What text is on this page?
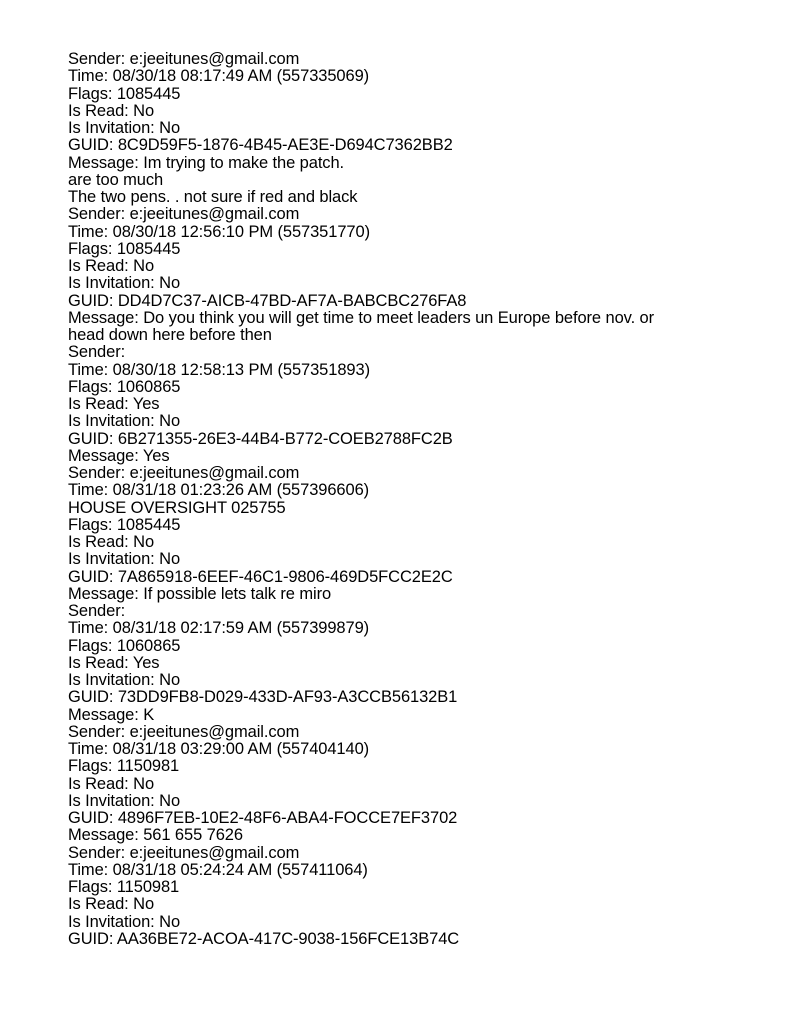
Sender: e:jeeitunes@gmail.com
Time: 08/30/18 08:17:49 AM (557335069)
Flags: 1085445
Is Read: No
Is Invitation: No
GUID: 8C9D59F5-1876-4B45-AE3E-D694C7362BB2
Message: Im trying to make the patch.
are too much
The two pens. . not sure if red and black
Sender: e:jeeitunes@gmail.com
Time: 08/30/18 12:56:10 PM (557351770)
Flags: 1085445
Is Read: No
Is Invitation: No
GUID: DD4D7C37-AICB-47BD-AF7A-BABCBC276FA8
Message: Do you think you will get time to meet leaders un Europe before nov. or
head down here before then
Sender:
Time: 08/30/18 12:58:13 PM (557351893)
Flags: 1060865
Is Read: Yes
Is Invitation: No
GUID: 6B271355-26E3-44B4-B772-COEB2788FC2B
Message: Yes
Sender: e:jeeitunes@gmail.com
Time: 08/31/18 01:23:26 AM (557396606)
HOUSE OVERSIGHT 025755
Flags: 1085445
Is Read: No
Is Invitation: No
GUID: 7A865918-6EEF-46C1-9806-469D5FCC2E2C
Message: If possible lets talk re miro
Sender:
Time: 08/31/18 02:17:59 AM (557399879)
Flags: 1060865
Is Read: Yes
Is Invitation: No
GUID: 73DD9FB8-D029-433D-AF93-A3CCB56132B1
Message: K
Sender: e:jeeitunes@gmail.com
Time: 08/31/18 03:29:00 AM (557404140)
Flags: 1150981
Is Read: No
Is Invitation: No
GUID: 4896F7EB-10E2-48F6-ABA4-FOCCE7EF3702
Message: 561 655 7626
Sender: e:jeeitunes@gmail.com
Time: 08/31/18 05:24:24 AM (557411064)
Flags: 1150981
Is Read: No
Is Invitation: No
GUID: AA36BE72-ACOA-417C-9038-156FCE13B74C
